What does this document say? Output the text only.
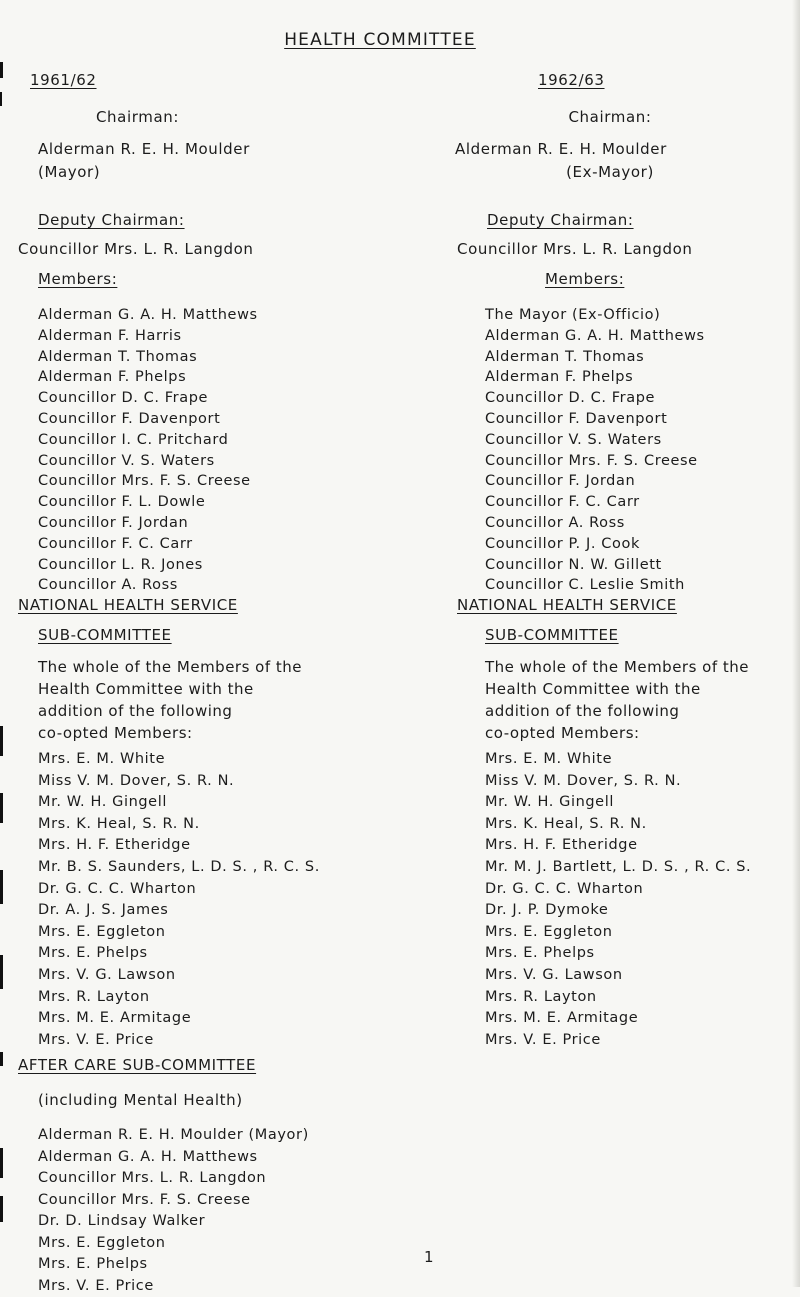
HEALTH COMMITTEE
1961/62
Chairman:
Alderman R. E. H. Moulder
(Mayor)
Deputy Chairman:
Councillor Mrs. L. R. Langdon
Members:
Alderman G. A. H. Matthews
Alderman F. Harris
Alderman T. Thomas
Alderman F. Phelps
Councillor D. C. Frape
Councillor F. Davenport
Councillor I. C. Pritchard
Councillor V. S. Waters
Councillor Mrs. F. S. Creese
Councillor F. L. Dowle
Councillor F. Jordan
Councillor F. C. Carr
Councillor L. R. Jones
Councillor A. Ross
NATIONAL HEALTH SERVICE
SUB-COMMITTEE
The whole of the Members of the
Health Committee with the
addition of the following
co-opted Members:
Mrs. E. M. White
Miss V. M. Dover, S. R. N.
Mr. W. H. Gingell
Mrs. K. Heal, S. R. N.
Mrs. H. F. Etheridge
Mr. B. S. Saunders, L. D. S. , R. C. S.
Dr. G. C. C. Wharton
Dr. A. J. S. James
Mrs. E. Eggleton
Mrs. E. Phelps
Mrs. V. G. Lawson
Mrs. R. Layton
Mrs. M. E. Armitage
Mrs. V. E. Price
AFTER CARE SUB-COMMITTEE
(including Mental Health)
Alderman R. E. H. Moulder (Mayor)
Alderman G. A. H. Matthews
Councillor Mrs. L. R. Langdon
Councillor Mrs. F. S. Creese
Dr. D. Lindsay Walker
Mrs. E. Eggleton
Mrs. E. Phelps
Mrs. V. E. Price
1962/63
Chairman:
Alderman R. E. H. Moulder
(Ex-Mayor)
Deputy Chairman:
Councillor Mrs. L. R. Langdon
Members:
The Mayor (Ex-Officio)
Alderman G. A. H. Matthews
Alderman T. Thomas
Alderman F. Phelps
Councillor D. C. Frape
Councillor F. Davenport
Councillor V. S. Waters
Councillor Mrs. F. S. Creese
Councillor F. Jordan
Councillor F. C. Carr
Councillor A. Ross
Councillor P. J. Cook
Councillor N. W. Gillett
Councillor C. Leslie Smith
NATIONAL HEALTH SERVICE
SUB-COMMITTEE
The whole of the Members of the
Health Committee with the
addition of the following
co-opted Members:
Mrs. E. M. White
Miss V. M. Dover, S. R. N.
Mr. W. H. Gingell
Mrs. K. Heal, S. R. N.
Mrs. H. F. Etheridge
Mr. M. J. Bartlett, L. D. S. , R. C. S.
Dr. G. C. C. Wharton
Dr. J. P. Dymoke
Mrs. E. Eggleton
Mrs. E. Phelps
Mrs. V. G. Lawson
Mrs. R. Layton
Mrs. M. E. Armitage
Mrs. V. E. Price
1
